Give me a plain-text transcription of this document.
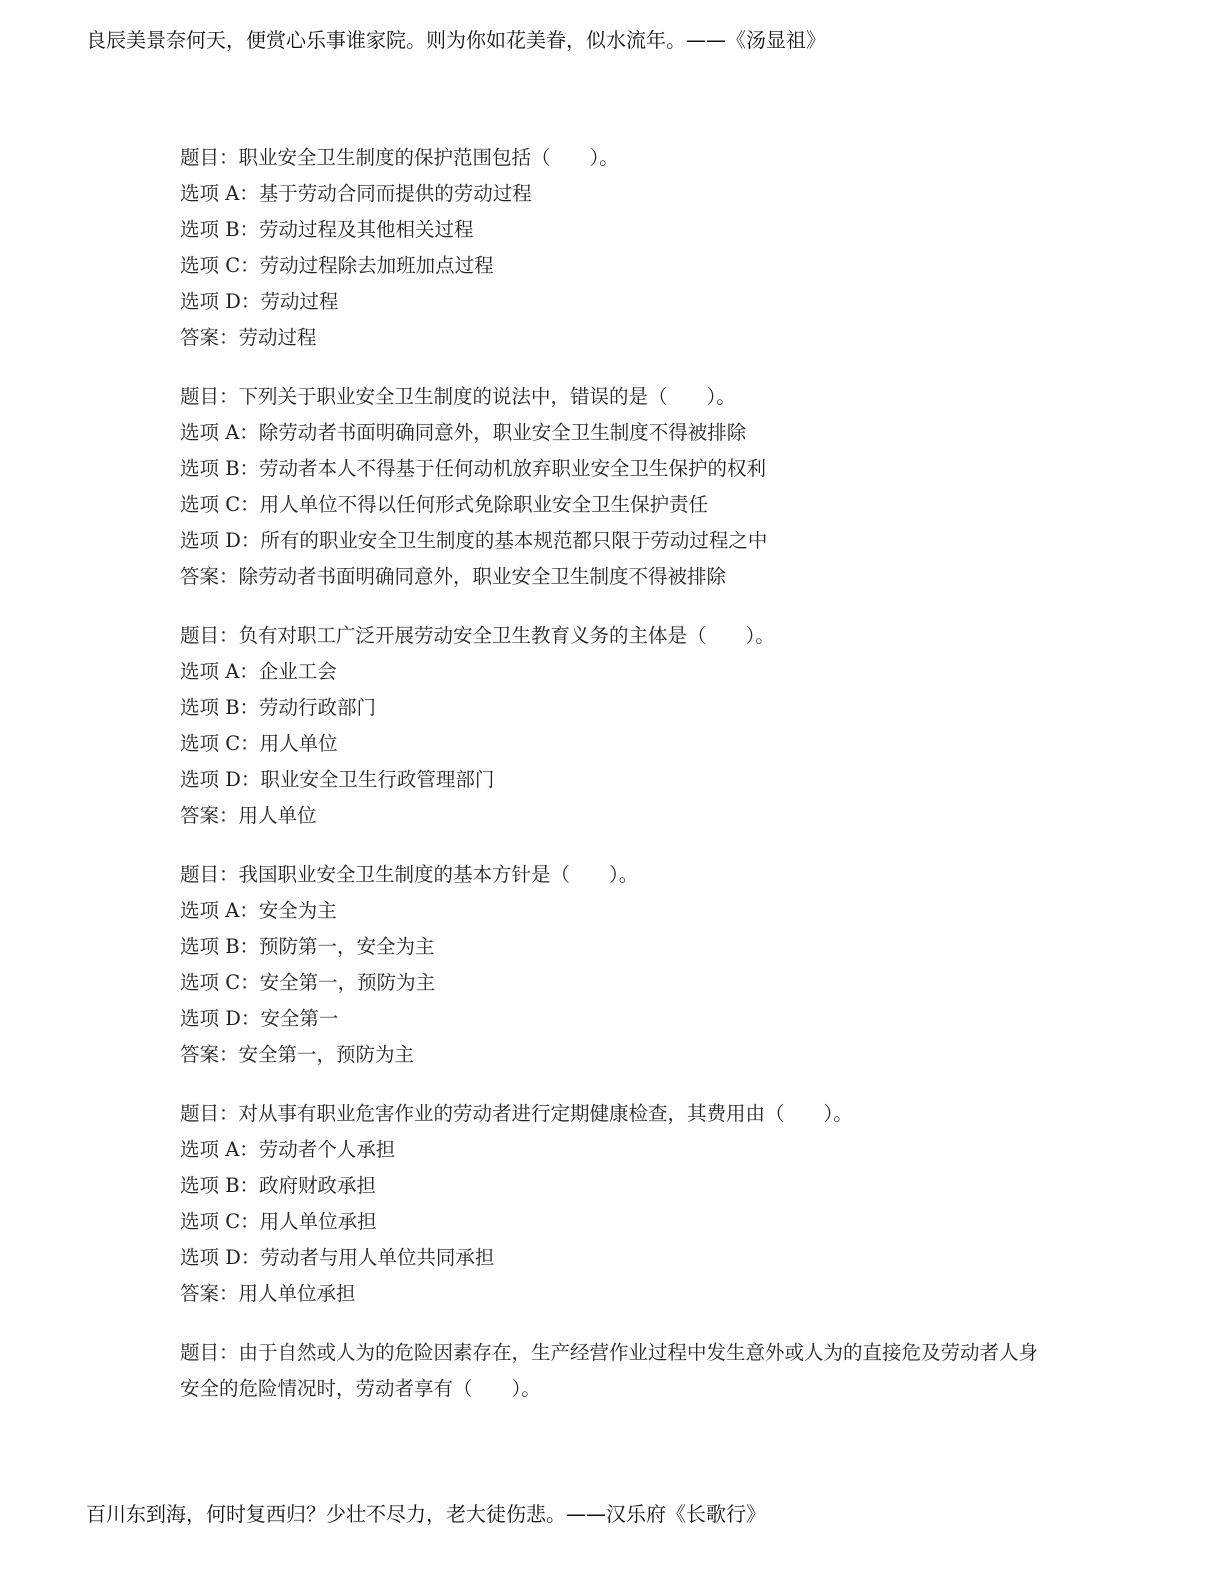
良辰美景奈何天，便赏心乐事谁家院。则为你如花美眷，似水流年。——《汤显祖》
题目：职业安全卫生制度的保护范围包括（　　）。
选项 A：基于劳动合同而提供的劳动过程
选项 B：劳动过程及其他相关过程
选项 C：劳动过程除去加班加点过程
选项 D：劳动过程
答案：劳动过程
题目：下列关于职业安全卫生制度的说法中，错误的是（　　）。
选项 A：除劳动者书面明确同意外，职业安全卫生制度不得被排除
选项 B：劳动者本人不得基于任何动机放弃职业安全卫生保护的权利
选项 C：用人单位不得以任何形式免除职业安全卫生保护责任
选项 D：所有的职业安全卫生制度的基本规范都只限于劳动过程之中
答案：除劳动者书面明确同意外，职业安全卫生制度不得被排除
题目：负有对职工广泛开展劳动安全卫生教育义务的主体是（　　）。
选项 A：企业工会
选项 B：劳动行政部门
选项 C：用人单位
选项 D：职业安全卫生行政管理部门
答案：用人单位
题目：我国职业安全卫生制度的基本方针是（　　）。
选项 A：安全为主
选项 B：预防第一，安全为主
选项 C：安全第一，预防为主
选项 D：安全第一
答案：安全第一，预防为主
题目：对从事有职业危害作业的劳动者进行定期健康检查，其费用由（　　）。
选项 A：劳动者个人承担
选项 B：政府财政承担
选项 C：用人单位承担
选项 D：劳动者与用人单位共同承担
答案：用人单位承担
题目：由于自然或人为的危险因素存在，生产经营作业过程中发生意外或人为的直接危及劳动者人身安全的危险情况时，劳动者享有（　　）。
百川东到海，何时复西归？少壮不尽力，老大徒伤悲。——汉乐府《长歌行》
